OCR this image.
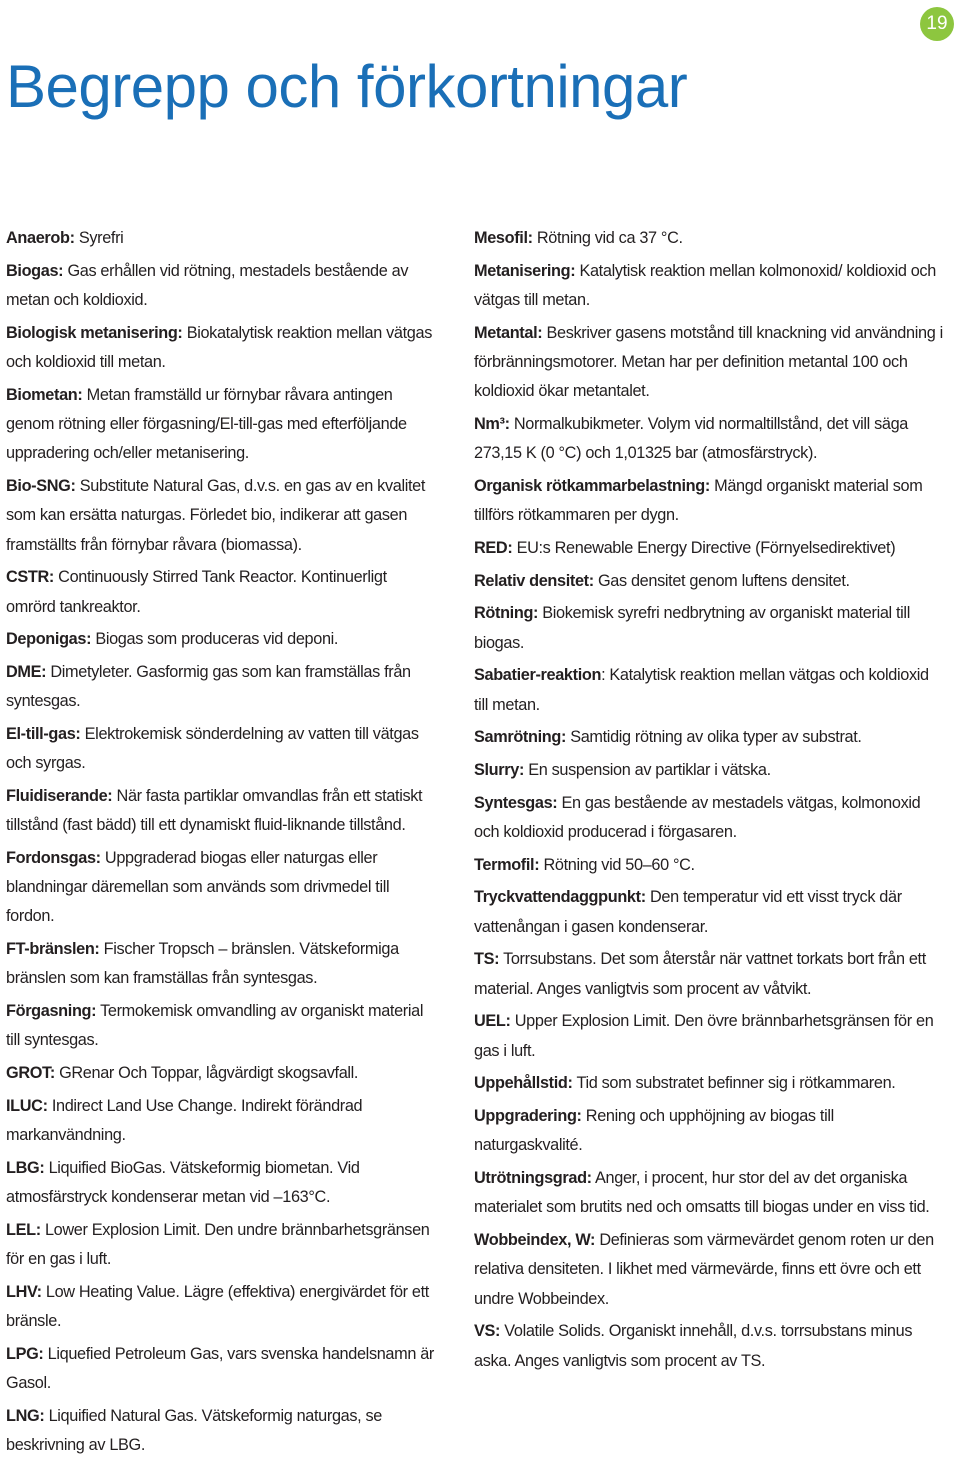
19
Begrepp och förkortningar

Anaerob: Syrefri

Biogas: Gas erhållen vid rötning, mestadels bestående av metan och koldioxid.

Biologisk metanisering: Biokatalytisk reaktion mellan vätgas och koldioxid till metan.

Biometan: Metan framställd ur förnybar råvara antingen genom rötning eller förgasning/El-till-gas med efterföljande uppradering och/eller metanisering.

Bio-SNG: Substitute Natural Gas, d.v.s. en gas av en kvalitet som kan ersätta naturgas. Förledet bio, indikerar att gasen framställts från förnybar råvara (biomassa).

CSTR: Continuously Stirred Tank Reactor. Kontinuerligt omrörd tankreaktor.

Deponigas: Biogas som produceras vid deponi.

DME: Dimetyleter. Gasformig gas som kan framställas från syntesgas.

El-till-gas: Elektrokemisk sönderdelning av vatten till vätgas och syrgas.

Fluidiserande: När fasta partiklar omvandlas från ett statiskt tillstånd (fast bädd) till ett dynamiskt fluid-liknande tillstånd.

Fordonsgas: Uppgraderad biogas eller naturgas eller blandningar däremellan som används som drivmedel till fordon.

FT-bränslen: Fischer Tropsch – bränslen. Vätskeformiga bränslen som kan framställas från syntesgas.

Förgasning: Termokemisk omvandling av organiskt material till syntesgas.

GROT: GRenar Och Toppar, lågvärdigt skogsavfall.

ILUC: Indirect Land Use Change. Indirekt förändrad markanvändning.

LBG: Liquified BioGas. Vätskeformig biometan. Vid atmosfärstryck kondenserar metan vid –163°C.

LEL: Lower Explosion Limit. Den undre brännbarhetsgränsen för en gas i luft.

LHV: Low Heating Value. Lägre (effektiva) energivärdet för ett bränsle.

LPG: Liquefied Petroleum Gas, vars svenska handelsnamn är Gasol.

LNG: Liquified Natural Gas. Vätskeformig naturgas, se beskrivning av LBG.

Mesofil: Rötning vid ca 37 °C.

Metanisering: Katalytisk reaktion mellan kolmonoxid/ koldioxid och vätgas till metan.

Metantal: Beskriver gasens motstånd till knackning vid användning i förbränningsmotorer. Metan har per definition metantal 100 och koldioxid ökar metantalet.

Nm³: Normalkubikmeter. Volym vid normaltillstånd, det vill säga 273,15 K (0 °C) och 1,01325 bar (atmosfärstryck).

Organisk rötkammarbelastning: Mängd organiskt material som tillförs rötkammaren per dygn.

RED: EU:s Renewable Energy Directive (Förnyelsedirektivet)

Relativ densitet: Gas densitet genom luftens densitet.

Rötning: Biokemisk syrefri nedbrytning av organiskt material till biogas.

Sabatier-reaktion: Katalytisk reaktion mellan vätgas och koldioxid till metan.

Samrötning: Samtidig rötning av olika typer av substrat.

Slurry: En suspension av partiklar i vätska.

Syntesgas: En gas bestående av mestadels vätgas, kolmonoxid och koldioxid producerad i förgasaren.

Termofil: Rötning vid 50–60 °C.

Tryckvattendaggpunkt: Den temperatur vid ett visst tryck där vattenångan i gasen kondenserar.

TS: Torrsubstans. Det som återstår när vattnet torkats bort från ett material. Anges vanligtvis som procent av våtvikt.

UEL: Upper Explosion Limit. Den övre brännbarhetsgränsen för en gas i luft.

Uppehållstid: Tid som substratet befinner sig i rötkammaren.

Uppgradering: Rening och upphöjning av biogas till naturgaskvalité.

Utrötningsgrad: Anger, i procent, hur stor del av det organiska materialet som brutits ned och omsatts till biogas under en viss tid.

Wobbeindex, W: Definieras som värmevärdet genom roten ur den relativa densiteten. I likhet med värmevärde, finns ett övre och ett undre Wobbeindex.

VS: Volatile Solids. Organiskt innehåll, d.v.s. torrsubstans minus aska. Anges vanligtvis som procent av TS.
